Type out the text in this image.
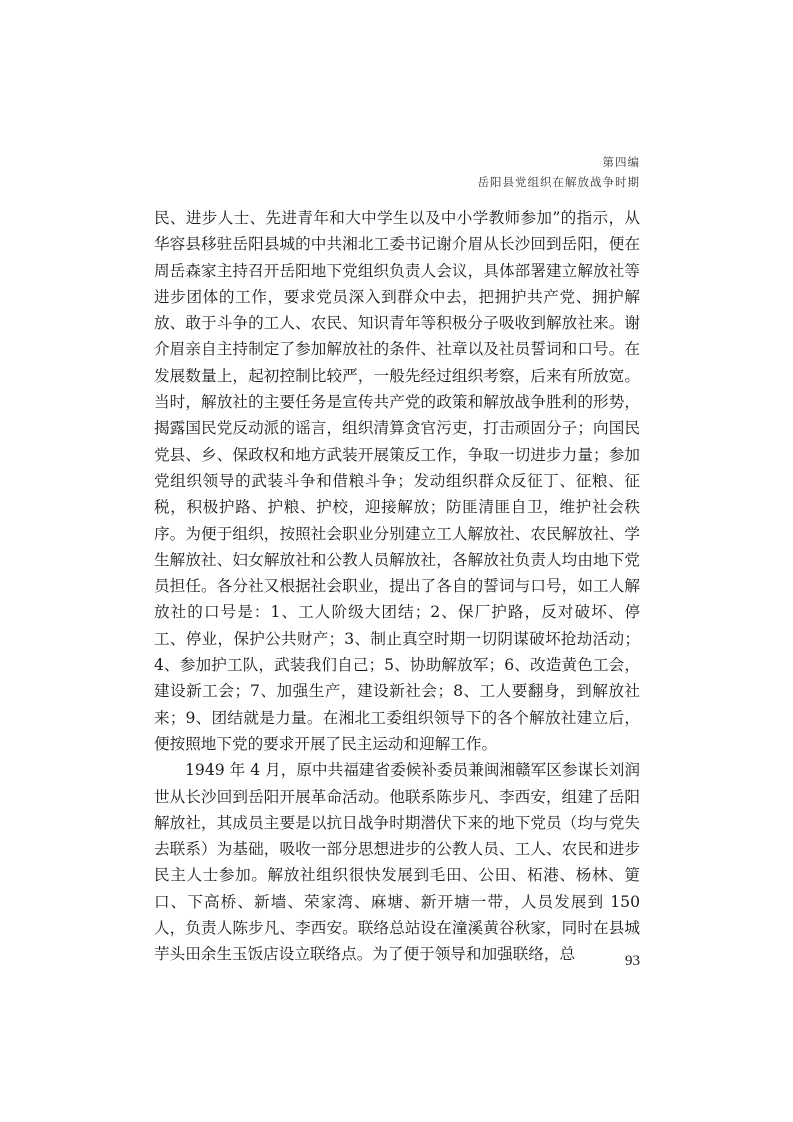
第四编
岳阳县党组织在解放战争时期

民、进步人士、先进青年和大中学生以及中小学教师参加”的指示，从华容县移驻岳阳县城的中共湘北工委书记谢介眉从长沙回到岳阳，便在周岳森家主持召开岳阳地下党组织负责人会议，具体部署建立解放社等进步团体的工作，要求党员深入到群众中去，把拥护共产党、拥护解放、敢于斗争的工人、农民、知识青年等积极分子吸收到解放社来。谢介眉亲自主持制定了参加解放社的条件、社章以及社员誓词和口号。在发展数量上，起初控制比较严，一般先经过组织考察，后来有所放宽。当时，解放社的主要任务是宣传共产党的政策和解放战争胜利的形势，揭露国民党反动派的谣言，组织清算贪官污吏，打击顽固分子；向国民党县、乡、保政权和地方武装开展策反工作，争取一切进步力量；参加党组织领导的武装斗争和借粮斗争；发动组织群众反征丁、征粮、征税，积极护路、护粮、护校，迎接解放；防匪清匪自卫，维护社会秩序。为便于组织，按照社会职业分别建立工人解放社、农民解放社、学生解放社、妇女解放社和公教人员解放社，各解放社负责人均由地下党员担任。各分社又根据社会职业，提出了各自的誓词与口号，如工人解放社的口号是：1、工人阶级大团结；2、保厂护路，反对破坏、停工、停业，保护公共财产；3、制止真空时期一切阴谋破坏抢劫活动；4、参加护工队，武装我们自己；5、协助解放军；6、改造黄色工会，建设新工会；7、加强生产，建设新社会；8、工人要翻身，到解放社来；9、团结就是力量。在湘北工委组织领导下的各个解放社建立后，便按照地下党的要求开展了民主运动和迎解工作。

1949 年 4 月，原中共福建省委候补委员兼闽湘赣军区参谋长刘润世从长沙回到岳阳开展革命活动。他联系陈步凡、李西安，组建了岳阳解放社，其成员主要是以抗日战争时期潜伏下来的地下党员（均与党失去联系）为基础，吸收一部分思想进步的公教人员、工人、农民和进步民主人士参加。解放社组织很快发展到毛田、公田、柘港、杨林、筻口、下高桥、新墙、荣家湾、麻塘、新开塘一带，人员发展到 150 人，负责人陈步凡、李西安。联络总站设在潼溪黄谷秋家，同时在县城芋头田余生玉饭店设立联络点。为了便于领导和加强联络，总	93
